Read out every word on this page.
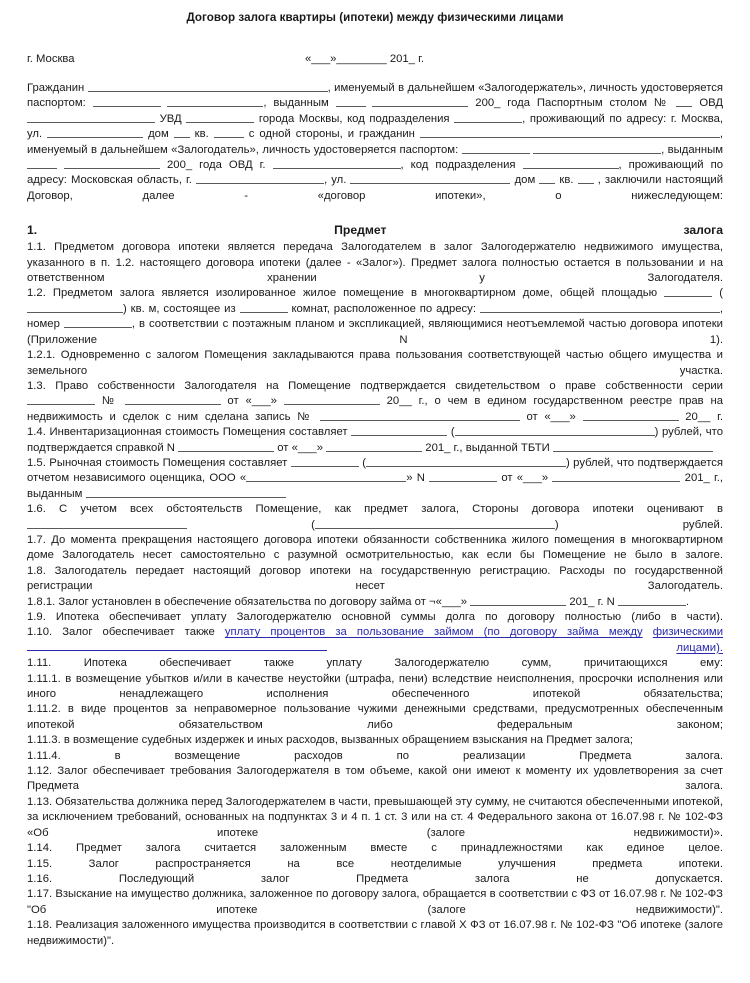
Договор залога квартиры (ипотеки) между физическими лицами
г. Москва	«___»________ 201_ г.

Гражданин	, именуемый в дальнейшем «Залогодержатель», личность удостоверяется паспортом:	, выданным	200_ года Паспортным столом №	ОВД  УВД	города Москвы, код подразделения	, проживающий по адресу: г. Москва, ул.	дом кв.	с одной стороны, и гражданин	, именуемый в дальнейшем «Залогодатель», личность удостоверяется паспортом:	, выданным   200_ года ОВД г.	, код подразделения	, проживающий по адресу: Московская область, г.	, ул.	дом кв. , заключили настоящий Договор, далее - «договор ипотеки», о нижеследующем:

1.	Предмет	залога

1.1. Предметом договора ипотеки является передача Залогодателем в залог Залогодержателю недвижимого имущества, указанного в п. 1.2. настоящего договора ипотеки (далее - «Залог»). Предмет залога полностью остается в пользовании и на ответственном хранении у Залогодателя.

1.2. Предметом залога является изолированное жилое помещение в многоквартирном доме, общей площадью	() кв. м, состоящее из	комнат, расположенное по адресу:	, номер	, в соответствии с поэтажным планом и экспликацией, являющимися неотъемлемой частью договора ипотеки (Приложение N 1).

1.2.1. Одновременно с залогом Помещения закладываются права пользования соответствующей частью общего имущества и земельного участка.

1.3. Право собственности Залогодателя на Помещение подтверждается свидетельством о праве собственности серии  №	от «___»	20__ г., о чем в едином государственном реестре прав на недвижимость и сделок с ним сделана запись №	от «___»	20__ г.

1.4. Инвентаризационная стоимость Помещения составляет	(	) рублей, что подтверждается справкой N	от «___»	201_ г., выданной ТБТИ

1.5. Рыночная стоимость Помещения составляет	(	) рублей, что подтверждается отчетом независимого оценщика, ООО «	» N	от «___»	201_ г., выданным

1.6. С учетом всех обстоятельств Помещение, как предмет залога, Стороны договора ипотеки оценивают в  (	) рублей.

1.7. До момента прекращения настоящего договора ипотеки обязанности собственника жилого помещения в многоквартирном доме Залогодатель несет самостоятельно с разумной осмотрительностью, как если бы Помещение не было в залоге.

1.8. Залогодатель передает настоящий договор ипотеки на государственную регистрацию. Расходы по государственной регистрации несет Залогодатель.

1.8.1. Залог установлен в обеспечение обязательства по договору займа от ¬«___»	201_ г. N	.

1.9. Ипотека обеспечивает уплату Залогодержателю основной суммы долга по договору полностью (либо в части).

1.10. Залог обеспечивает также уплату процентов за пользование займом (по договору займа между физическими  лицами).

1.11. Ипотека обеспечивает также уплату Залогодержателю сумм, причитающихся ему:

1.11.1. в возмещение убытков и/или в качестве неустойки (штрафа, пени) вследствие неисполнения, просрочки исполнения или иного ненадлежащего исполнения обеспеченного ипотекой обязательства;

1.11.2. в виде процентов за неправомерное пользование чужими денежными средствами, предусмотренных обеспеченным ипотекой обязательством либо федеральным законом;

1.11.3. в возмещение судебных издержек и иных расходов, вызванных обращением взыскания на Предмет залога;

1.11.4. в возмещение расходов по реализации Предмета залога.

1.12. Залог обеспечивает требования Залогодержателя в том объеме, какой они имеют к моменту их удовлетворения за счет Предмета залога.

1.13. Обязательства должника перед Залогодержателем в части, превышающей эту сумму, не считаются обеспеченными ипотекой, за исключением требований, основанных на подпунктах 3 и 4 п. 1 ст. 3 или на ст. 4 Федерального закона от 16.07.98 г. № 102-ФЗ «Об ипотеке (залоге недвижимости)».

1.14. Предмет залога считается заложенным вместе с принадлежностями как единое целое.

1.15. Залог распространяется на все неотделимые улучшения предмета ипотеки.

1.16. Последующий залог Предмета залога не допускается.

1.17. Взыскание на имущество должника, заложенное по договору залога, обращается в соответствии с ФЗ от 16.07.98 г. № 102-ФЗ "Об ипотеке (залоге недвижимости)".

1.18. Реализация заложенного имущества производится в соответствии с главой X ФЗ от 16.07.98 г. № 102-ФЗ "Об ипотеке (залоге недвижимости)".
